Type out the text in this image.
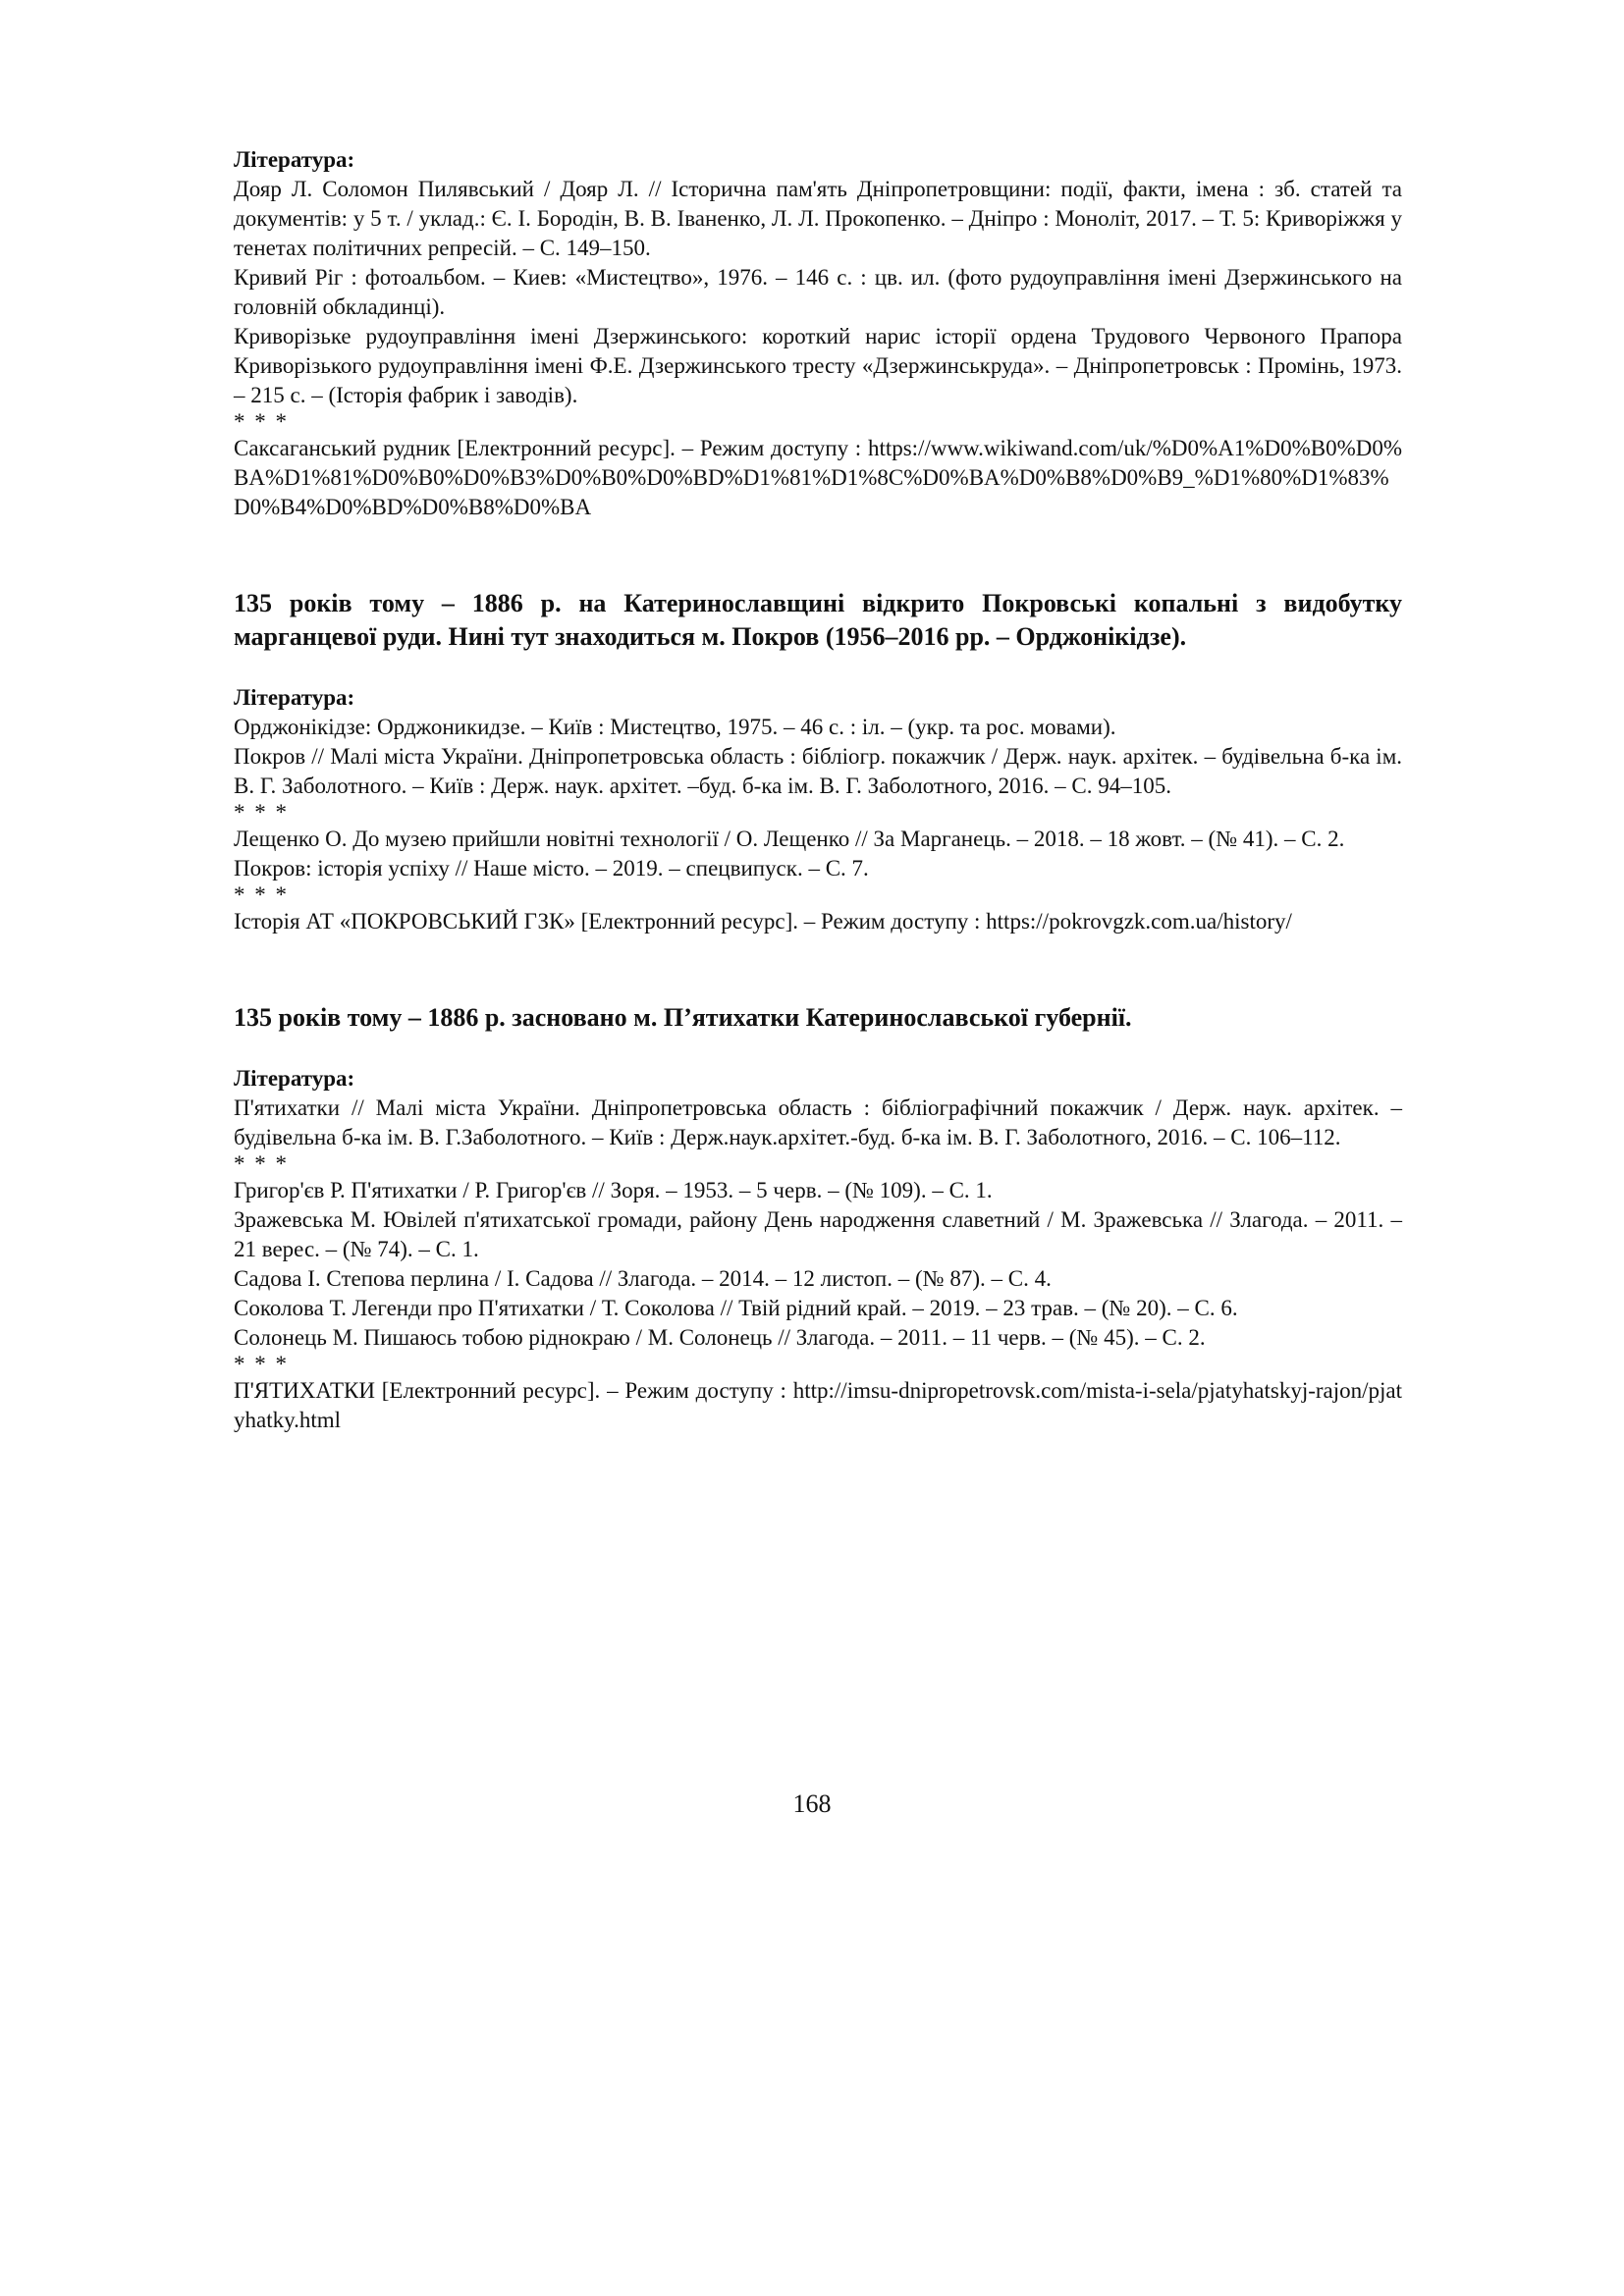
Література:

Дояр Л. Соломон Пилявський / Дояр Л. // Історична пам'ять Дніпропетровщини: події, факти, імена : зб. статей та документів: у 5 т. / уклад.: Є. І. Бородін, В. В. Іваненко, Л. Л. Прокопенко. – Дніпро : Моноліт, 2017. – Т. 5: Криворіжжя у тенетах політичних репресій. – С. 149–150.

Кривий Ріг : фотоальбом. – Киев: «Мистецтво», 1976. – 146 с. : цв. ил. (фото рудоуправління імені Дзержинського на головній обкладинці).

Криворізьке рудоуправління імені Дзержинського: короткий нарис історії ордена Трудового Червоного Прапора Криворізького рудоуправління імені Ф.Е. Дзержинського тресту «Дзержинськруда». – Дніпропетровськ : Промінь, 1973. – 215 с. – (Історія фабрик і заводів).

* * *

Саксаганський рудник [Електронний ресурс]. – Режим доступу : https://www.wikiwand.com/uk/%D0%A1%D0%B0%D0%BA%D1%81%D0%B0%D0%B3%D0%B0%D0%BD%D1%81%D1%8C%D0%BA%D0%B8%D0%B9_%D1%80%D1%83%D0%B4%D0%BD%D0%B8%D0%BA

135 років тому – 1886 р. на Катеринославщині відкрито Покровські копальні з видобутку марганцевої руди. Нині тут знаходиться м. Покров (1956–2016 рр. – Орджонікідзе).

Література:

Орджонікідзе: Орджоникидзе. – Київ : Мистецтво, 1975. – 46 с. : іл. – (укр. та рос. мовами).

Покров // Малі міста України. Дніпропетровська область : бібліогр. покажчик / Держ. наук. архітек. – будівельна б-ка ім. В. Г. Заболотного. – Київ : Держ. наук. архітет. –буд. б-ка ім. В. Г. Заболотного, 2016. – С. 94–105.

* * *

Лещенко О. До музею прийшли новітні технології / О. Лещенко // За Марганець. – 2018. – 18 жовт. – (№ 41). – С. 2.

Покров: історія успіху // Наше місто. – 2019. – спецвипуск. – С. 7.

* * *

Історія АТ «ПОКРОВСЬКИЙ ГЗК» [Електронний ресурс]. – Режим доступу : https://pokrovgzk.com.ua/history/

135 років тому – 1886 р. засновано м. П’ятихатки Катеринославської губернії.

Література:

П'ятихатки // Малі міста України. Дніпропетровська область : бібліографічний покажчик / Держ. наук. архітек. –будівельна б-ка ім. В. Г.Заболотного. – Київ : Держ.наук.архітет.-буд. б-ка ім. В. Г. Заболотного, 2016. – С. 106–112.

* * *

Григор'єв Р. П'ятихатки / Р. Григор'єв // Зоря. – 1953. – 5 черв. – (№ 109). – С. 1.

Зражевська М. Ювілей п'ятихатської громади, району День народження славетний / М. Зражевська // Злагода. – 2011. – 21 верес. – (№ 74). – С. 1.

Садова І. Степова перлина / І. Садова // Злагода. – 2014. – 12 листоп. – (№ 87). – С. 4.

Соколова Т. Легенди про П'ятихатки / Т. Соколова // Твій рідний край. – 2019. – 23 трав. – (№ 20). – С. 6.

Солонець М. Пишаюсь тобою ріднокраю / М. Солонець // Злагода. – 2011. – 11 черв. – (№ 45). – С. 2.

* * *

П'ЯТИХАТКИ [Електронний ресурс]. – Режим доступу : http://imsu-dnipropetrovsk.com/mista-i-sela/pjatyhatskyj-rajon/pjatyhatky.html

168
